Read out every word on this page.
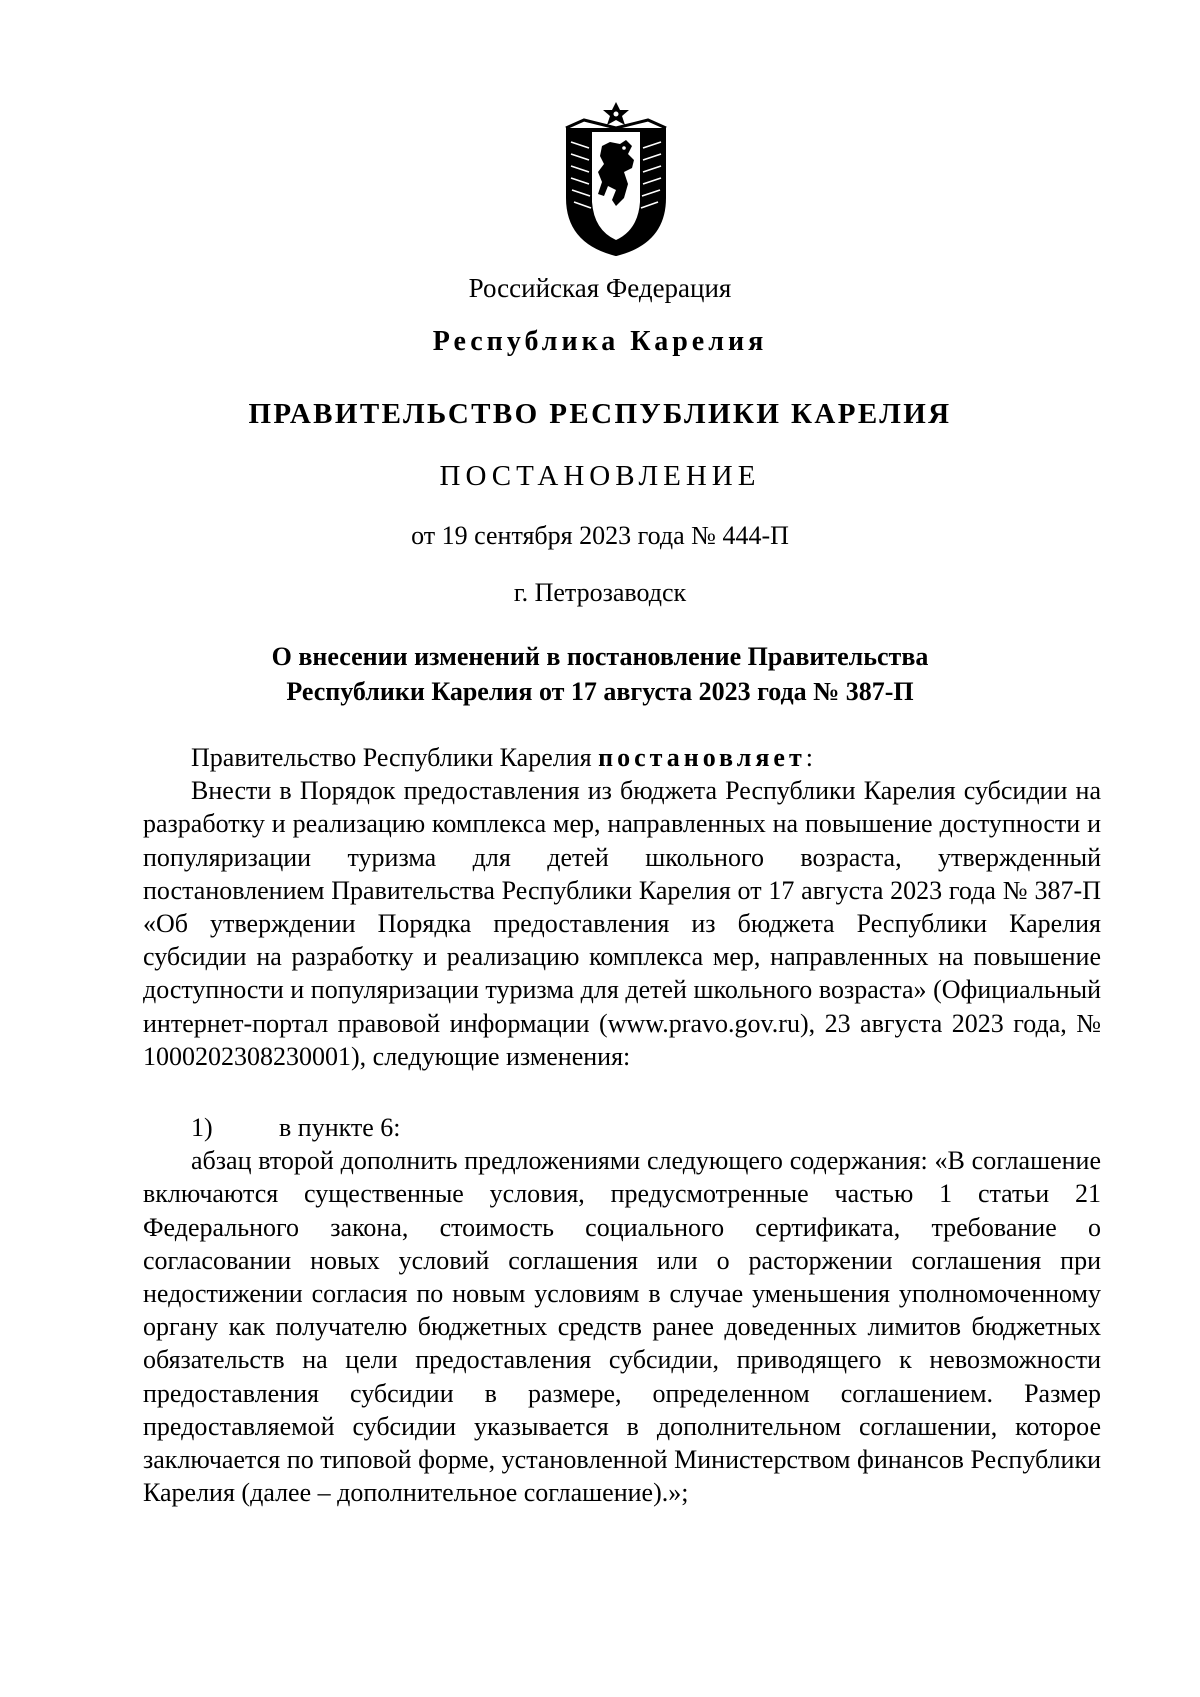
Российская Федерация
Республика Карелия
ПРАВИТЕЛЬСТВО РЕСПУБЛИКИ КАРЕЛИЯ
ПОСТАНОВЛЕНИЕ
от 19 сентября 2023 года № 444-П
г. Петрозаводск
О внесении изменений в постановление Правительства
Республики Карелия от 17 августа 2023 года № 387-П

Правительство Республики Карелия постановляет:

Внести в Порядок предоставления из бюджета Республики Карелия субсидии на разработку и реализацию комплекса мер, направленных на повышение доступности и популяризации туризма для детей школьного возраста, утвержденный постановлением Правительства Республики Карелия от 17 августа 2023 года № 387-П «Об утверждении Порядка предоставления из бюджета Республики Карелия субсидии на разработку и реализацию комплекса мер, направленных на повышение доступности и популяризации туризма для детей школьного возраста» (Официальный интернет-портал правовой информации (www.pravo.gov.ru), 23 августа 2023 года, № 1000202308230001), следующие изменения:

1)	в пункте 6:

абзац второй дополнить предложениями следующего содержания: «В соглашение включаются существенные условия, предусмотренные частью 1 статьи 21 Федерального закона, стоимость социального сертификата, требование о согласовании новых условий соглашения или о расторжении соглашения при недостижении согласия по новым условиям в случае уменьшения уполномоченному органу как получателю бюджетных средств ранее доведенных лимитов бюджетных обязательств на цели предоставления субсидии, приводящего к невозможности предоставления субсидии в размере, определенном соглашением. Размер предоставляемой субсидии указывается в дополнительном соглашении, которое заключается по типовой форме, установленной Министерством финансов Республики Карелия (далее – дополнительное соглашение).»;
